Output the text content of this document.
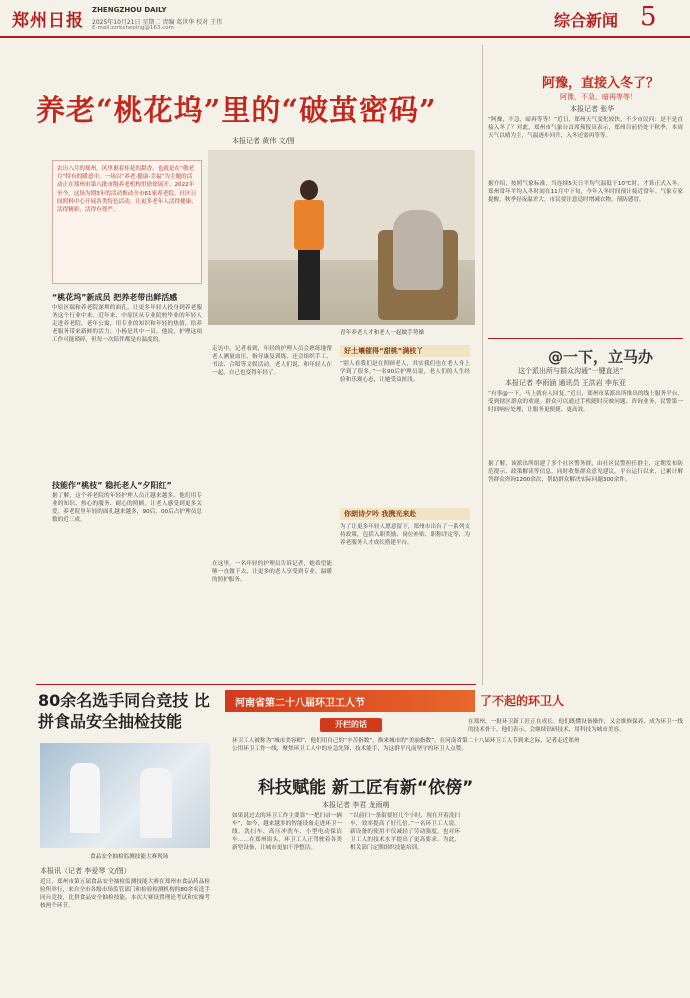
郑州日报
ZHENGZHOU DAILY
2025年10月21日 星期二 责编 葛世华 校对 王伟
E-mail:zzrbsheping@163.com	综合新闻 5
养老“桃花坞”里的“破茧密码”
本报记者 黄伟 文/图
农历八月的郑州，风里裹着桂花的甜香。也就是在“敬老月”特有的暖意中，一场以“养老·健康·幸福”为主题的活动正在郑州市第八批市级养老机构里徐徐展开。2022年至今，这场为期3年的活动推动全市61家养老院、社区日间照料中心开展各类特色活动，让更多老年人活得健康、活得精彩、活得有尊严。
青年养老人才和老人一起做手势操
“桃花坞”新成员 把养老带出鲜活感
中原区瑞和养老院深圳的面孔，让更多年轻人投身到养老服务这个行业中来。近年来，中原区从专业院校毕业的年轻人走进养老院、老年公寓，用专业的知识和年轻的热情，给养老服务带来新鲜的活力。小杨是其中一员。他说，护理这项工作可能琐碎，但每一次陪伴都是有温度的。
技能作“桃枝” 稳托老人“夕阳红”
据了解，这个养老院的年轻护理人员正越来越多。他们用专业的知识、热心的服务、耐心的照顾，让老人感受到更多关爱。养老院里年轻的面孔越来越多，90后、00后占护理员总数的近三成。
走访中，记者看到，年轻的护理人员会熟练地帮老人测量血压、指导康复训练，还会组织手工、书法、合唱等文娱活动。老人们说，和年轻人在一起，自己也变得年轻了。
好土壤催得“甜桃”满枝丫
“别人看我们是在照顾老人，其实我们也在老人身上学到了很多。”一名90后护理员说，老人们的人生经验和乐观心态，让她受益匪浅。
你朗诗夕吟 我携光来赴
为了让更多年轻人愿意留下，郑州市出台了一系列支持政策，包括入职奖励、岗位补贴、职称评定等，为养老服务人才成长搭建平台。
在这里，一名年轻的护理员告诉记者，她希望能够一直做下去，让更多的老人享受到专业、温暖的照护服务。
阿豫，直接入冬了？
阿豫，不急，暗再等等！
本报记者 张华
“阿豫，不急，暗再等等！”近日，郑州天气变化较快，不少市民问：是不是直接入冬了？对此，郑州市气象台首席预报员表示，郑州目前仍处于秋季，本周天气以晴为主，气温逐步回升，入冬还需再等等。
据介绍，按照气象标准，当连续5天日平均气温低于10℃时，才算正式入冬。郑州常年平均入冬时间在11月中下旬，今年入冬时间预计接近常年。气象专家提醒，秋季昼夜温差大，市民要注意适时增减衣物，预防感冒。
@一下，立马办
这个派出所与群众沟通“一键直达”
本报记者 李雨涵 通讯员 王洪岩 李东亚
“有事@一下，马上就有人回复。”近日，郑州市某派出所推出的线上服务平台，受到辖区群众的欢迎。群众可以通过手机随时反映问题、咨询业务，民警第一时间响应处理，让服务更便捷、更高效。
据了解，该派出所组建了多个社区警务群，由社区民警担任群主，定期发布防范提示、政策解读等信息，同时收集群众意见建议。平台运行以来，已累计解答群众咨询1200余次，帮助群众解决实际问题300余件。
80余名选手同台竞技 比拼食品安全抽检技能
食品安全抽检监测技能大赛现场
本报讯（记者 李爱琴 文/图）
近日，郑州市第五届食品安全抽检监测技能大赛在郑州市食品药品检验所举行，来自全市各级市场监管部门和检验检测机构的80余名选手同台竞技，比拼食品安全抽检技能。本次大赛设置理论考试和实操考核两个环节。
河南省第二十八届环卫工人节	了不起的环卫人
开栏的话
环卫工人被称为“城市美容师”，他们用自己的“辛苦指数”，换来城市的“美丽指数”。在河南省第二十八届环卫工人节到来之际，记者走近郑州公用环卫工作一线，聚焦环卫工人中的应急先锋、技术能手，为这群平凡而坚守的环卫人点赞。
科技赋能 新工匠有新“依傍”
本报记者 李君 龙雨萌
如果说过去的环卫工作主要靠“一把扫帚一辆车”，如今，越来越多的智能设备走进环卫一线。洗扫车、高压冲洗车、小型电动保洁车……在郑州街头，环卫工人正驾驶着各类新型设备，让城市更加干净整洁。
“以前扫一条街要好几个小时，现在开着洗扫车，效率提高了好几倍。”一名环卫工人说。新设备的使用不仅减轻了劳动强度，也对环卫工人的技术水平提出了更高要求。为此，相关部门定期组织技能培训。
在郑州，一批环卫新工匠正在成长。他们既懂设备操作，又会维修保养，成为环卫一线的技术骨干。他们表示，会继续钻研技术，用科技为城市美容。
